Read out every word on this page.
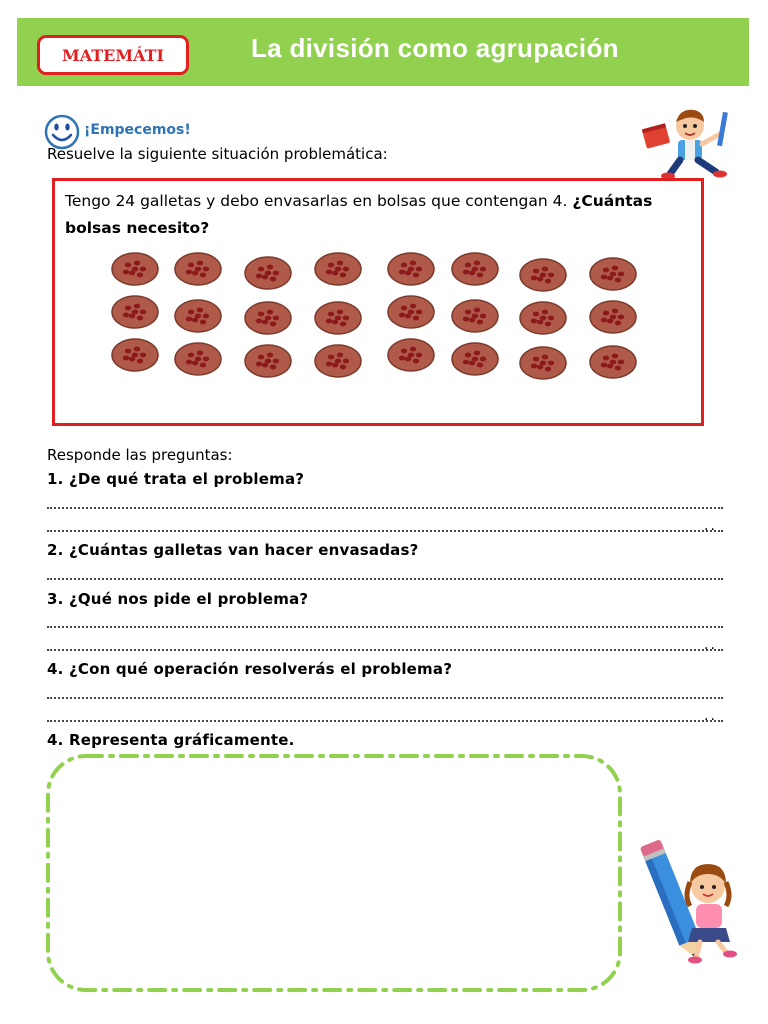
MATEMÁTI	La división como agrupación
¡Empecemos!
Resuelve la siguiente situación problemática:
Tengo 24 galletas y debo envasarlas en bolsas que contengan 4. ¿Cuántas bolsas necesito?
Responde las preguntas:
1. ¿De qué trata el problema?
..
2. ¿Cuántas galletas van hacer envasadas?
3. ¿Qué nos pide el problema?
..
4. ¿Con qué operación resolverás el problema?
..
4. Representa gráficamente.
